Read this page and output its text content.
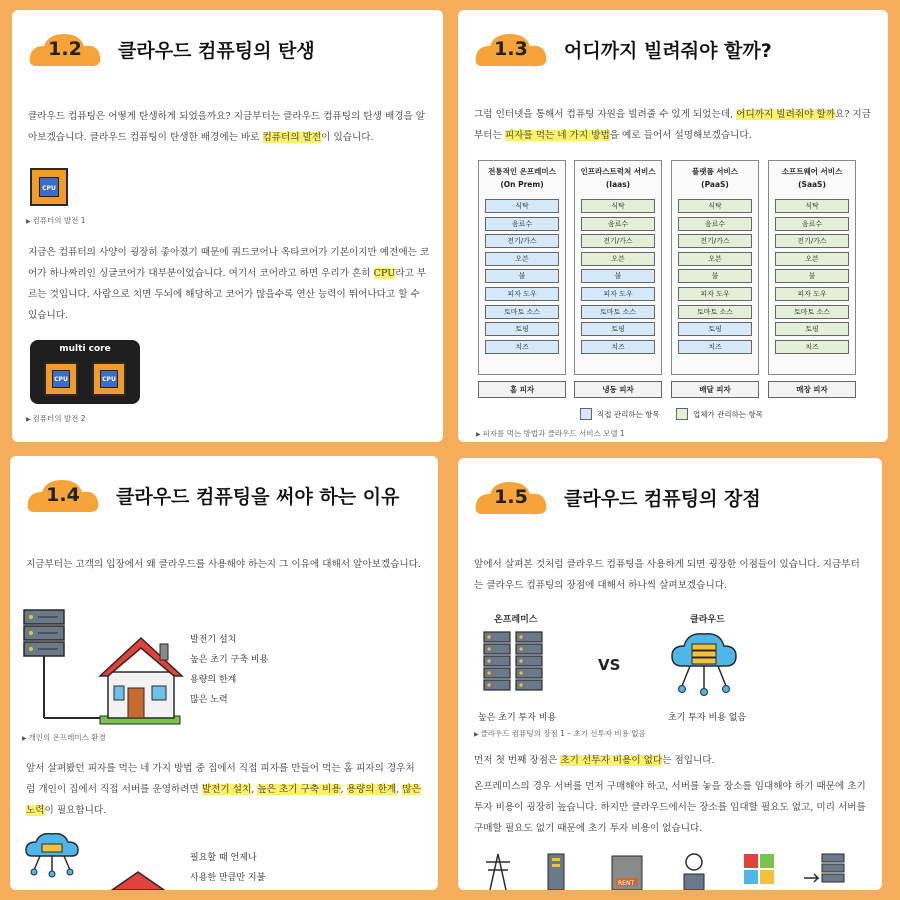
1.2	클라우드 컴퓨팅의 탄생
클라우드 컴퓨팅은 어떻게 탄생하게 되었을까요? 지금부터는 클라우드 컴퓨팅의 탄생 배경을 알아보겠습니다. 클라우드 컴퓨팅이 탄생한 배경에는 바로 컴퓨터의 발전이 있습니다.
CPU
▶ 컴퓨터의 발전 1
지금은 컴퓨터의 사양이 굉장히 좋아졌기 때문에 쿼드코어나 옥타코어가 기본이지만 예전에는 코어가 하나짜리인 싱글코어가 대부분이었습니다. 여기서 코어라고 하면 우리가 흔히 CPU라고 부르는 것입니다. 사람으로 치면 두뇌에 해당하고 코어가 많을수록 연산 능력이 뛰어나다고 할 수 있습니다.
multi core
CPU	CPU
▶ 컴퓨터의 발전 2
1.3	어디까지 빌려줘야 할까?
그럼 인터넷을 통해서 컴퓨팅 자원을 빌려줄 수 있게 되었는데, 어디까지 빌려줘야 할까요? 지금부터는 피자를 먹는 네 가지 방법을 예로 들어서 설명해보겠습니다.
전통적인 온프레미스
(On Prem)
식탁
음료수
전기/가스
오븐
불
피자 도우
토마토 소스
토핑
치즈
홈 피자
인프라스트럭처 서비스
(Iaas)
식탁
음료수
전기/가스
오븐
불
피자 도우
토마토 소스
토핑
치즈
냉동 피자
플랫폼 서비스
(PaaS)
식탁
음료수
전기/가스
오븐
불
피자 도우
토마토 소스
토핑
치즈
배달 피자
소프트웨어 서비스
(SaaS)
식탁
음료수
전기/가스
오븐
불
피자 도우
토마토 소스
토핑
치즈
매장 피자
직접 관리하는 항목	업체가 관리하는 항목
▶ 피자를 먹는 방법과 클라우드 서비스 모델 1
1.4	클라우드 컴퓨팅을 써야 하는 이유
지금부터는 고객의 입장에서 왜 클라우드를 사용해야 하는지 그 이유에 대해서 알아보겠습니다.
발전기 설치
높은 초기 구축 비용
용량의 한계
많은 노력
▶ 개인의 온프레미스 환경
앞서 살펴봤던 피자를 먹는 네 가지 방법 중 집에서 직접 피자를 만들어 먹는 홈 피자의 경우처럼 개인이 집에서 직접 서버를 운영하려면 발전기 설치, 높은 초기 구축 비용, 용량의 한계, 많은 노력이 필요합니다.
필요할 때 언제나
사용한 만큼만 지불
1.5	클라우드 컴퓨팅의 장점
앞에서 살펴본 것처럼 클라우드 컴퓨팅을 사용하게 되면 굉장한 이점들이 있습니다. 지금부터는 클라우드 컴퓨팅의 장점에 대해서 하나씩 살펴보겠습니다.
온프레미스	클라우드
VS
높은 초기 투자 비용	초기 투자 비용 없음
▶ 클라우드 컴퓨팅의 장점 1 – 초기 선투자 비용 없음
먼저 첫 번째 장점은 초기 선투자 비용이 없다는 점입니다.
온프레미스의 경우 서버를 먼저 구매해야 하고, 서버를 놓을 장소를 임대해야 하기 때문에 초기 투자 비용이 굉장히 높습니다. 하지만 클라우드에서는 장소를 임대할 필요도 없고, 미리 서버를 구매할 필요도 없기 때문에 초기 투자 비용이 없습니다.
RENT
